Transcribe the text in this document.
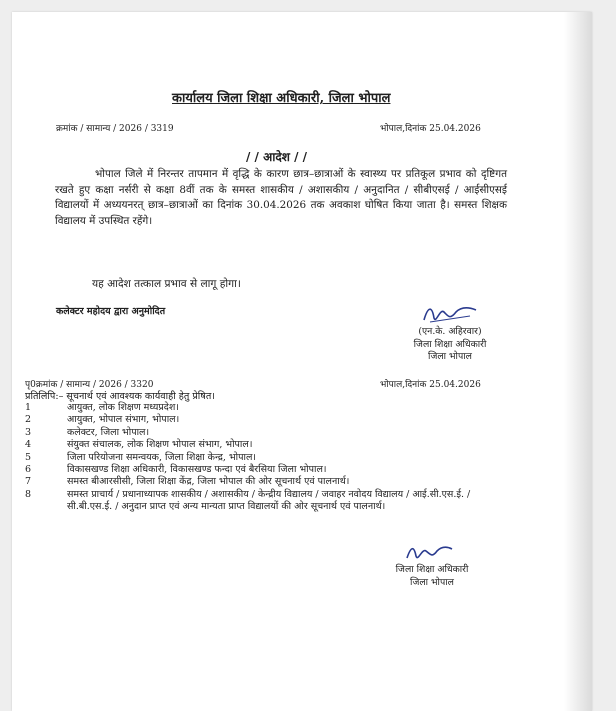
कार्यालय जिला शिक्षा अधिकारी, जिला भोपाल
क्रमांक / सामान्य / 2026 / 3319	भोपाल,दिनांक 25.04.2026
/ / आदेश / /
भोपाल जिले में निरन्तर तापमान में वृद्धि के कारण छात्र–छात्राओं के स्वास्थ्य पर प्रतिकूल प्रभाव को दृष्टिगत रखते हुए कक्षा नर्सरी से कक्षा 8वीं तक के समस्त शासकीय / अशासकीय / अनुदानित / सीबीएसई / आईसीएसई विद्यालयों में अध्ययनरत् छात्र–छात्राओं का दिनांक 30.04.2026 तक अवकाश घोषित किया जाता है। समस्त शिक्षक विद्यालय में उपस्थित रहेंगे।
यह आदेश तत्काल प्रभाव से लागू होगा।
कलेक्टर महोदय द्वारा अनुमोदित
(एन.के. अहिरवार)
जिला शिक्षा अधिकारी
जिला भोपाल
पृ0क्रमांक / सामान्य / 2026 / 3320	भोपाल,दिनांक 25.04.2026
प्रतिलिपि:– सूचनार्थ एवं आवश्यक कार्यवाही हेतु प्रेषित।
1	आयुक्त, लोक शिक्षण मध्यप्रदेश।
2	आयुक्त, भोपाल संभाग, भोपाल।
3	कलेक्टर, जिला भोपाल।
4	संयुक्त संचालक, लोक शिक्षण भोपाल संभाग, भोपाल।
5	जिला परियोजना समन्वयक, जिला शिक्षा केन्द्र, भोपाल।
6	विकासखण्ड शिक्षा अधिकारी, विकासखण्ड फन्दा एवं बैरसिया जिला भोपाल।
7	समस्त बीआरसीसी, जिला शिक्षा केंद्र, जिला भोपाल की ओर सूचनार्थ एवं पालनार्थ।
8	समस्त प्राचार्य / प्रधानाध्यापक शासकीय / अशासकीय / केन्द्रीय विद्यालय / जवाहर नवोदय विद्यालय / आई.सी.एस.ई. / सी.बी.एस.ई. / अनुदान प्राप्त एवं अन्य मान्यता प्राप्त विद्यालयों की ओर सूचनार्थ एवं पालनार्थ।
जिला शिक्षा अधिकारी
जिला भोपाल
